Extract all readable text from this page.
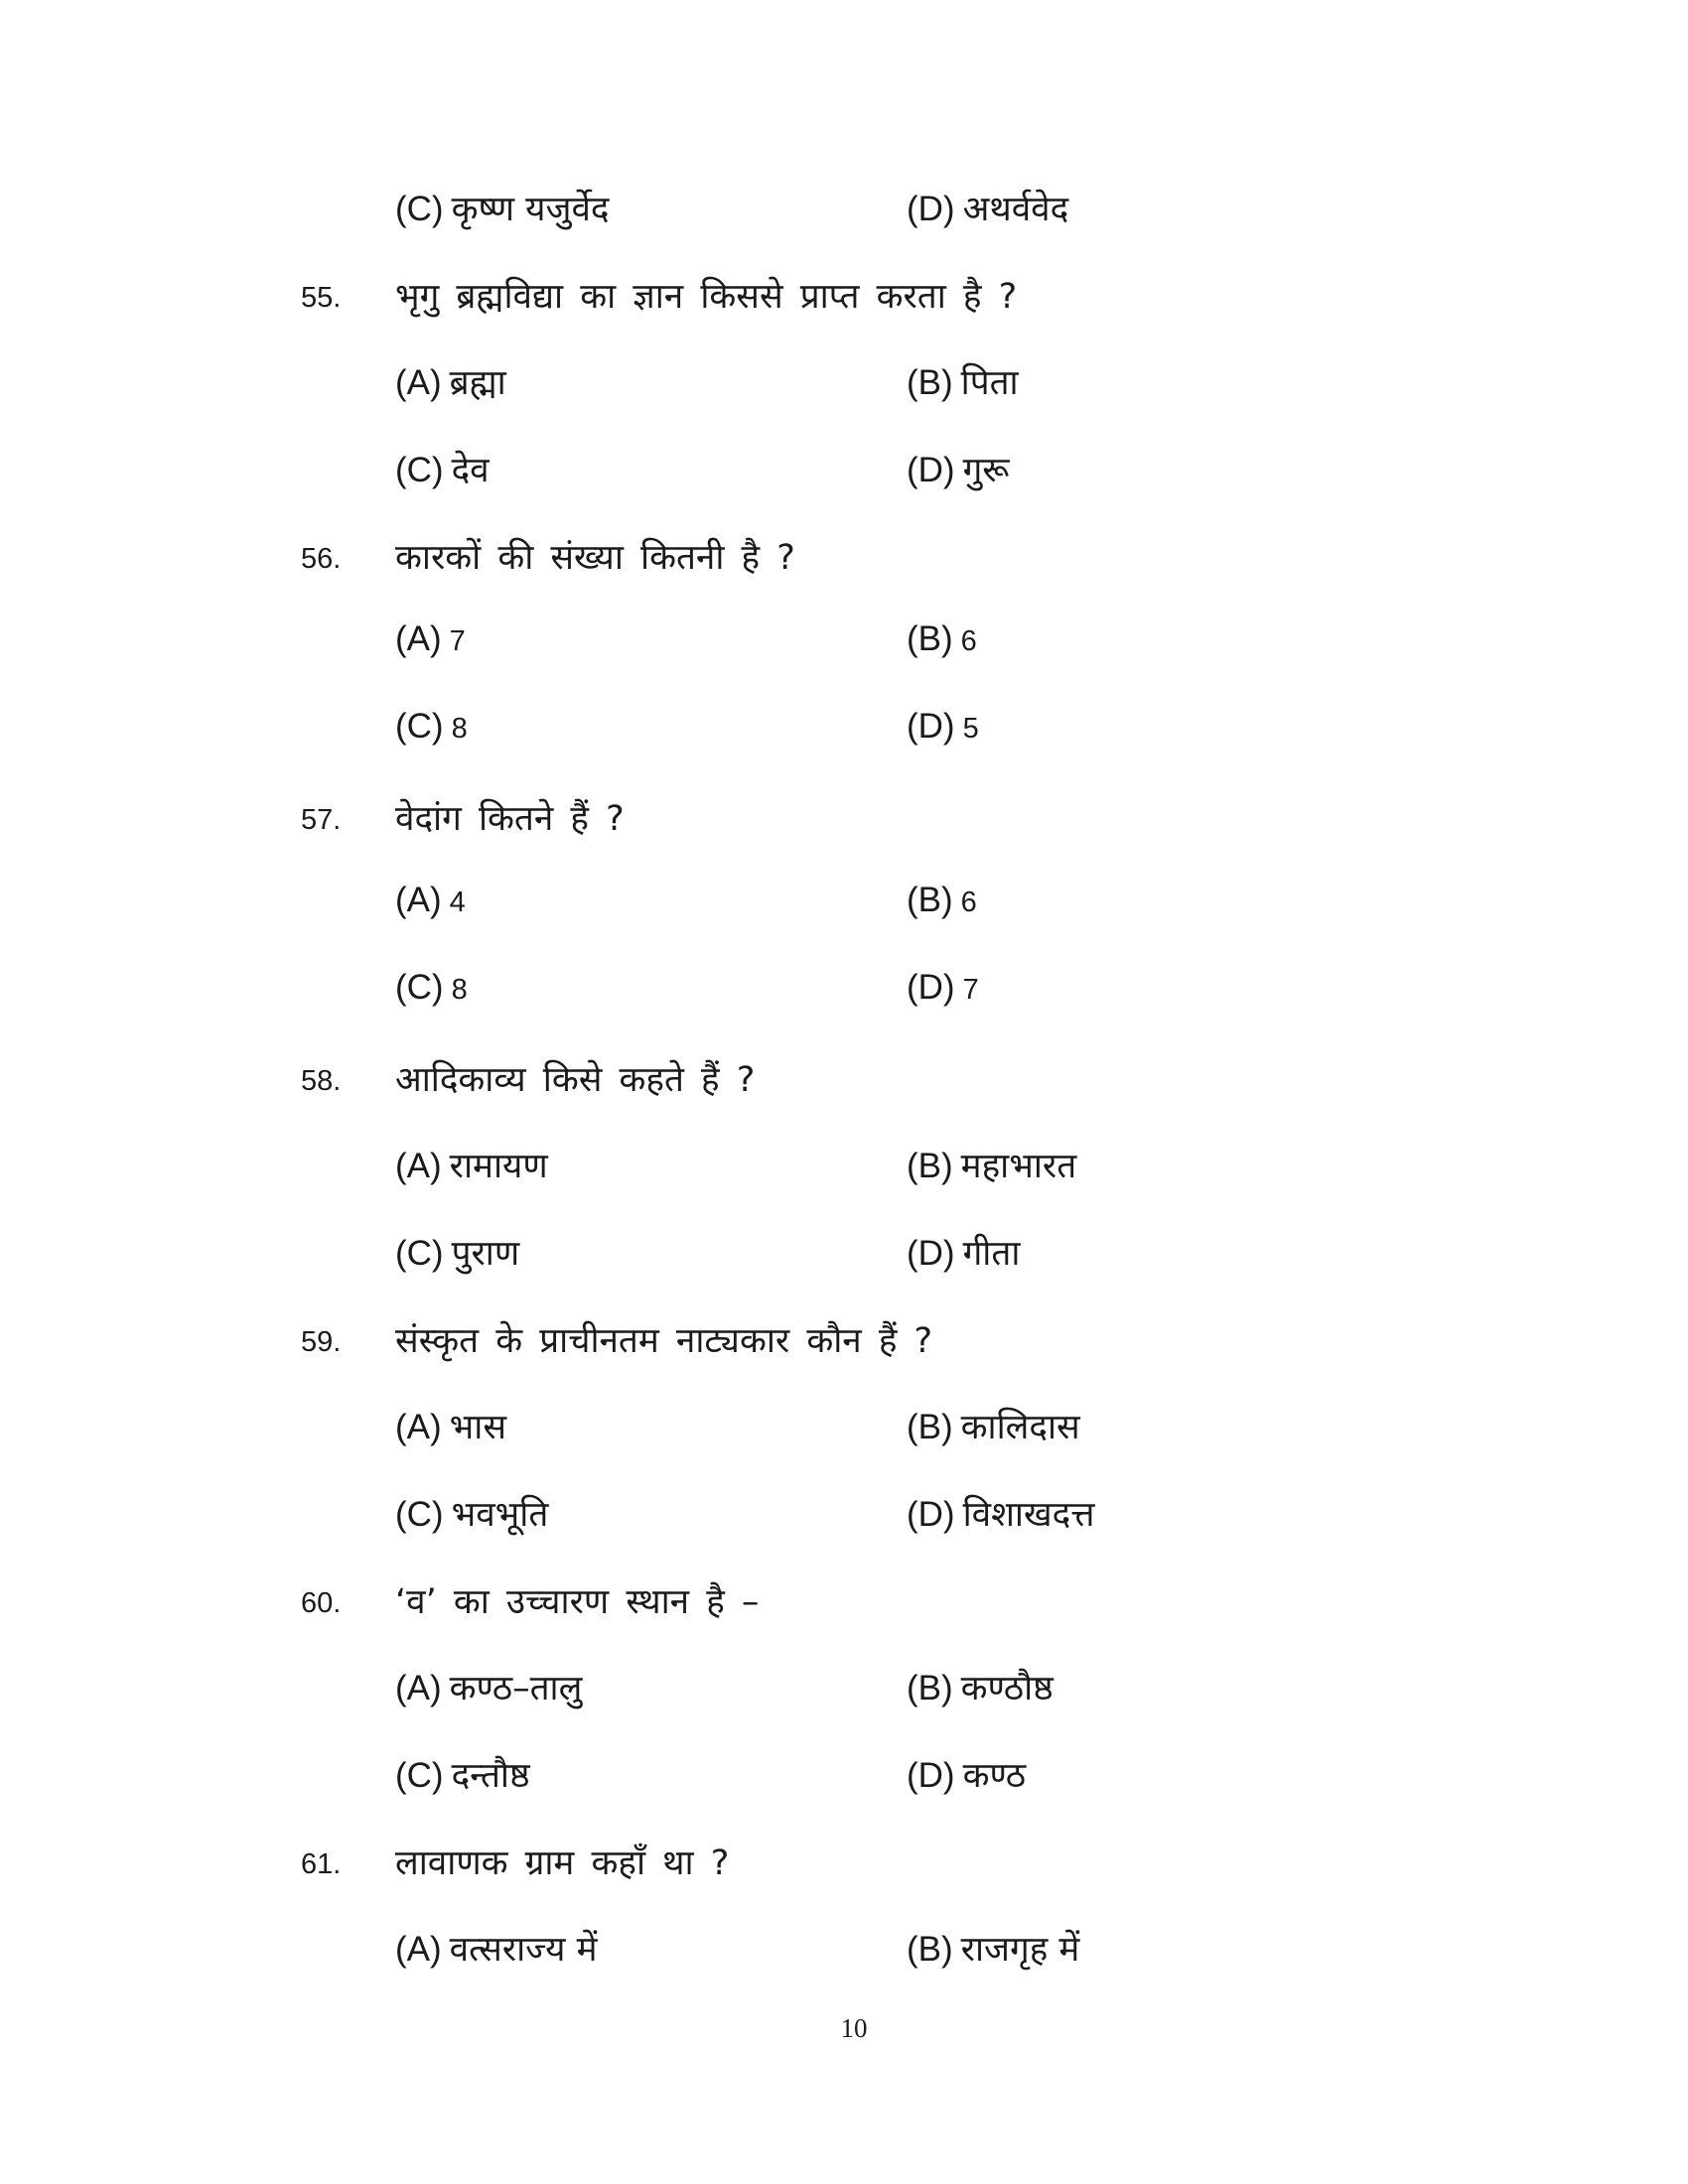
(C) कृष्ण यजुर्वेद	(D) अथर्ववेद
55. भृगु ब्रह्मविद्या का ज्ञान किससे प्राप्त करता है ?
(A) ब्रह्मा	(B) पिता
(C) देव	(D) गुरू
56. कारकों की संख्या कितनी है ?
(A) 7	(B) 6
(C) 8	(D) 5
57. वेदांग कितने हैं ?
(A) 4	(B) 6
(C) 8	(D) 7
58. आदिकाव्य किसे कहते हैं ?
(A) रामायण	(B) महाभारत
(C) पुराण	(D) गीता
59. संस्कृत के प्राचीनतम नाट्यकार कौन हैं ?
(A) भास	(B) कालिदास
(C) भवभूति	(D) विशाखदत्त
60. ‘व’ का उच्चारण स्थान है –
(A) कण्ठ–तालु	(B) कण्ठौष्ठ
(C) दन्तौष्ठ	(D) कण्ठ
61. लावाणक ग्राम कहाँ था ?
(A) वत्सराज्य में	(B) राजगृह में
10
